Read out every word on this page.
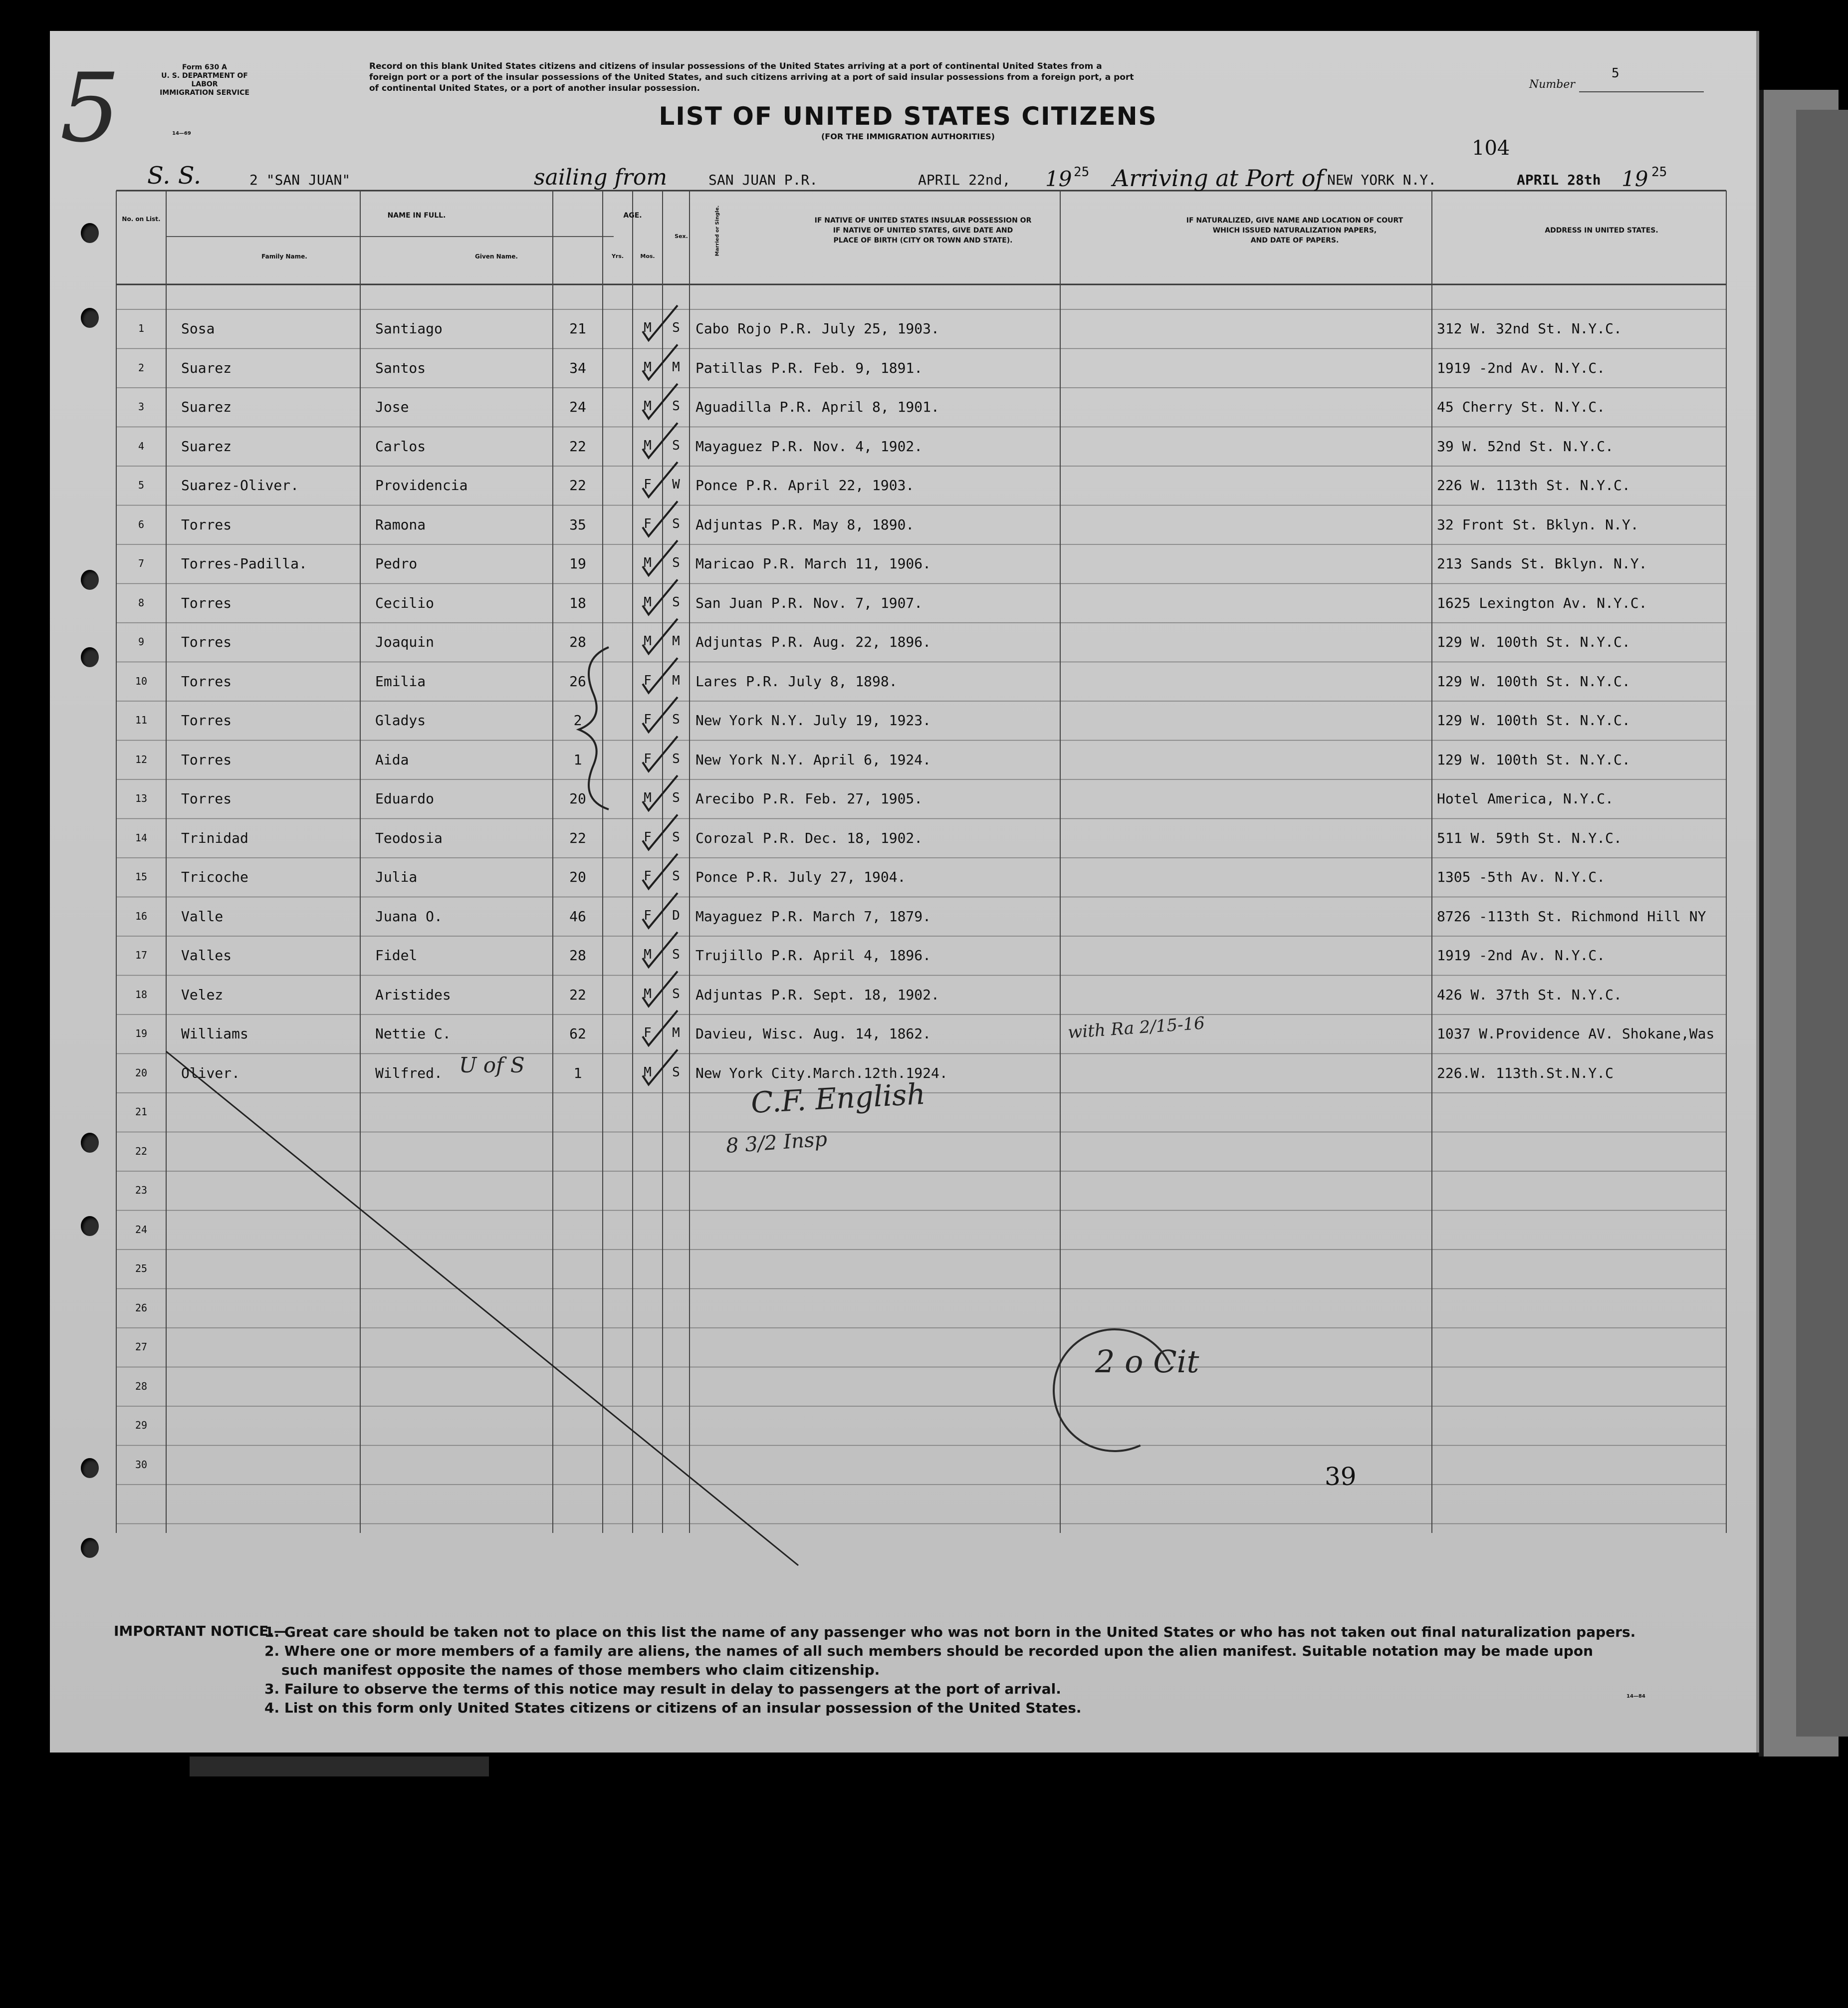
Form 630 A
U. S. DEPARTMENT OF LABOR
IMMIGRATION SERVICE
14—69
5	Record on this blank United States citizens and citizens of insular possessions of the United States arriving at a port of continental United States from a
foreign port or a port of the insular possessions of the United States, and such citizens arriving at a port of said insular possessions from a foreign port, a port
of continental United States, or a port of another insular possession.	Number
5
LIST OF UNITED STATES CITIZENS
(FOR THE IMMIGRATION AUTHORITIES)
S. S.	2 "SAN JUAN"	sailing from	SAN JUAN P.R.	APRIL 22nd, 19 25 Arriving at Port of NEW YORK N.Y.
104
APRIL 28th 19 25
No. on List.	NAME IN FULL.
Family Name.	Given Name.
AGE.
Yrs.	Mos.
Sex.	Married or Single.	IF NATIVE OF UNITED STATES INSULAR POSSESSION OR
IF NATIVE OF UNITED STATES, GIVE DATE AND
PLACE OF BIRTH (CITY OR TOWN AND STATE).
IF NATURALIZED, GIVE NAME AND LOCATION OF COURT
WHICH ISSUED NATURALIZATION PAPERS,
AND DATE OF PAPERS.
ADDRESS IN UNITED STATES.
1	Sosa	Santiago	21	M	S	Cabo Rojo P.R. July 25, 1903.	312 W. 32nd St. N.Y.C.
2	Suarez	Santos	34	M	M	Patillas P.R. Feb. 9, 1891.	1919 -2nd Av. N.Y.C.
3	Suarez	Jose	24	M	S	Aguadilla P.R. April 8, 1901.	45 Cherry St. N.Y.C.
4	Suarez	Carlos	22	M	S	Mayaguez P.R. Nov. 4, 1902.	39 W. 52nd St. N.Y.C.
5	Suarez-Oliver.	Providencia	22	F	W	Ponce P.R. April 22, 1903.	226 W. 113th St. N.Y.C.
6	Torres	Ramona	35	F	S	Adjuntas P.R. May 8, 1890.	32 Front St. Bklyn. N.Y.
7	Torres-Padilla.	Pedro	19	M	S	Maricao P.R. March 11, 1906.	213 Sands St. Bklyn. N.Y.
8	Torres	Cecilio	18	M	S	San Juan P.R. Nov. 7, 1907.	1625 Lexington Av. N.Y.C.
9	Torres	Joaquin	28	M	M	Adjuntas P.R. Aug. 22, 1896.	129 W. 100th St. N.Y.C.
10	Torres	Emilia	26	F	M	Lares P.R. July 8, 1898.	129 W. 100th St. N.Y.C.
11	Torres	Gladys	2	F	S	New York N.Y. July 19, 1923.	129 W. 100th St. N.Y.C.
12	Torres	Aida	1	F	S	New York N.Y. April 6, 1924.	129 W. 100th St. N.Y.C.
13	Torres	Eduardo	20	M	S	Arecibo P.R. Feb. 27, 1905.	Hotel America, N.Y.C.
14	Trinidad	Teodosia	22	F	S	Corozal P.R. Dec. 18, 1902.	511 W. 59th St. N.Y.C.
15	Tricoche	Julia	20	F	S	Ponce P.R. July 27, 1904.	1305 -5th Av. N.Y.C.
16	Valle	Juana O.	46	F	D	Mayaguez P.R. March 7, 1879.	8726 -113th St. Richmond Hill NY
17	Valles	Fidel	28	M	S	Trujillo P.R. April 4, 1896.	1919 -2nd Av. N.Y.C.
18	Velez	Aristides	22	M	S	Adjuntas P.R. Sept. 18, 1902.	426 W. 37th St. N.Y.C.
19	Williams	Nettie C.	62	F	M	Davieu, Wisc. Aug. 14, 1862.	1037 W.Providence AV. Shokane,Was
20	Oliver.	Wilfred.	1	M	S	New York City.March.12th.1924.	226.W. 113th.St.N.Y.C
21
22
23
24
25
26
27
28
29
30
with Ra 2/15-16
U of S
C.F. English
8 3/2 Insp
2 o Cit
39
IMPORTANT NOTICE.—
1. Great care should be taken not to place on this list the name of any passenger who was not born in the United States or who has not taken out final naturalization papers.
2. Where one or more members of a family are aliens, the names of all such members should be recorded upon the alien manifest. Suitable notation may be made upon
such manifest opposite the names of those members who claim citizenship.
3. Failure to observe the terms of this notice may result in delay to passengers at the port of arrival.
4. List on this form only United States citizens or citizens of an insular possession of the United States.
14—84
